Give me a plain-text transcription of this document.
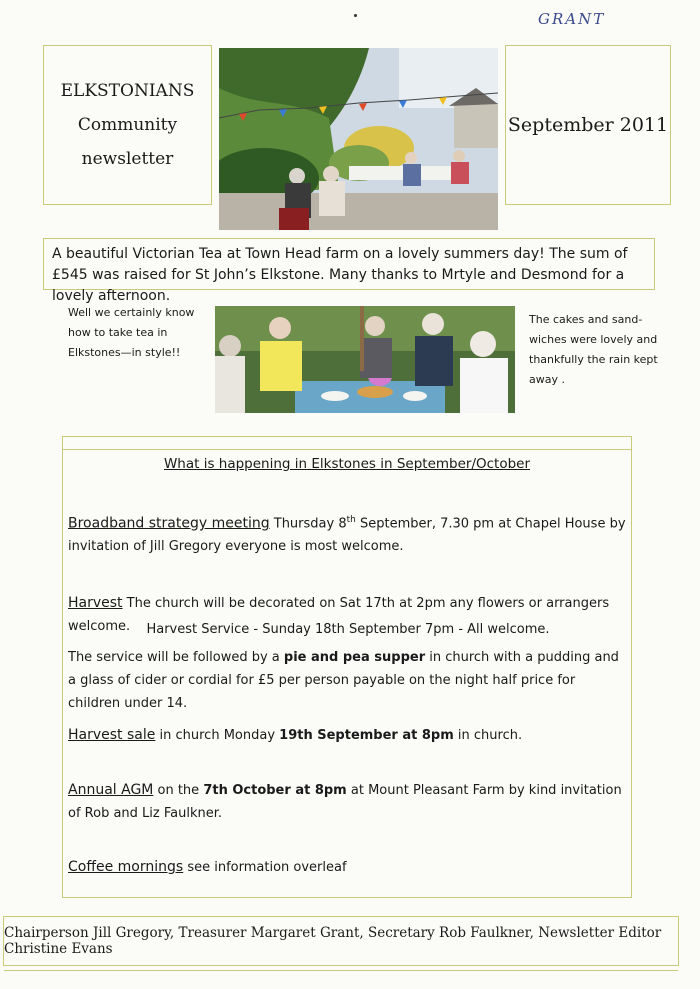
GRANT
ELKSTONIANS
Community
newsletter
September 2011
A beautiful Victorian Tea at Town Head farm on a lovely summers day! The sum of £545 was raised for St John’s Elkstone. Many thanks to Mrtyle and Desmond for a lovely afternoon.
Well we certainly know how to take tea in Elkstones—in style!!
The cakes and sand-wiches were lovely and thankfully the rain kept away .
What is happening in Elkstones in September/October
Broadband strategy meeting Thursday 8th September, 7.30 pm at Chapel House by invitation of Jill Gregory everyone is most welcome.
Harvest The church will be decorated on Sat 17th at 2pm any flowers or arrangers welcome.	Harvest Service - Sunday 18th September 7pm - All welcome.
The service will be followed by a pie and pea supper in church with a pudding and a glass of cider or cordial for £5 per person payable on the night half price for children under 14.
Harvest sale in church Monday 19th September at 8pm in church.
Annual AGM on the 7th October at 8pm at Mount Pleasant Farm by kind invitation of Rob and Liz Faulkner.
Coffee mornings see information overleaf
Chairperson Jill Gregory, Treasurer Margaret Grant, Secretary Rob Faulkner, Newsletter Editor Christine Evans
